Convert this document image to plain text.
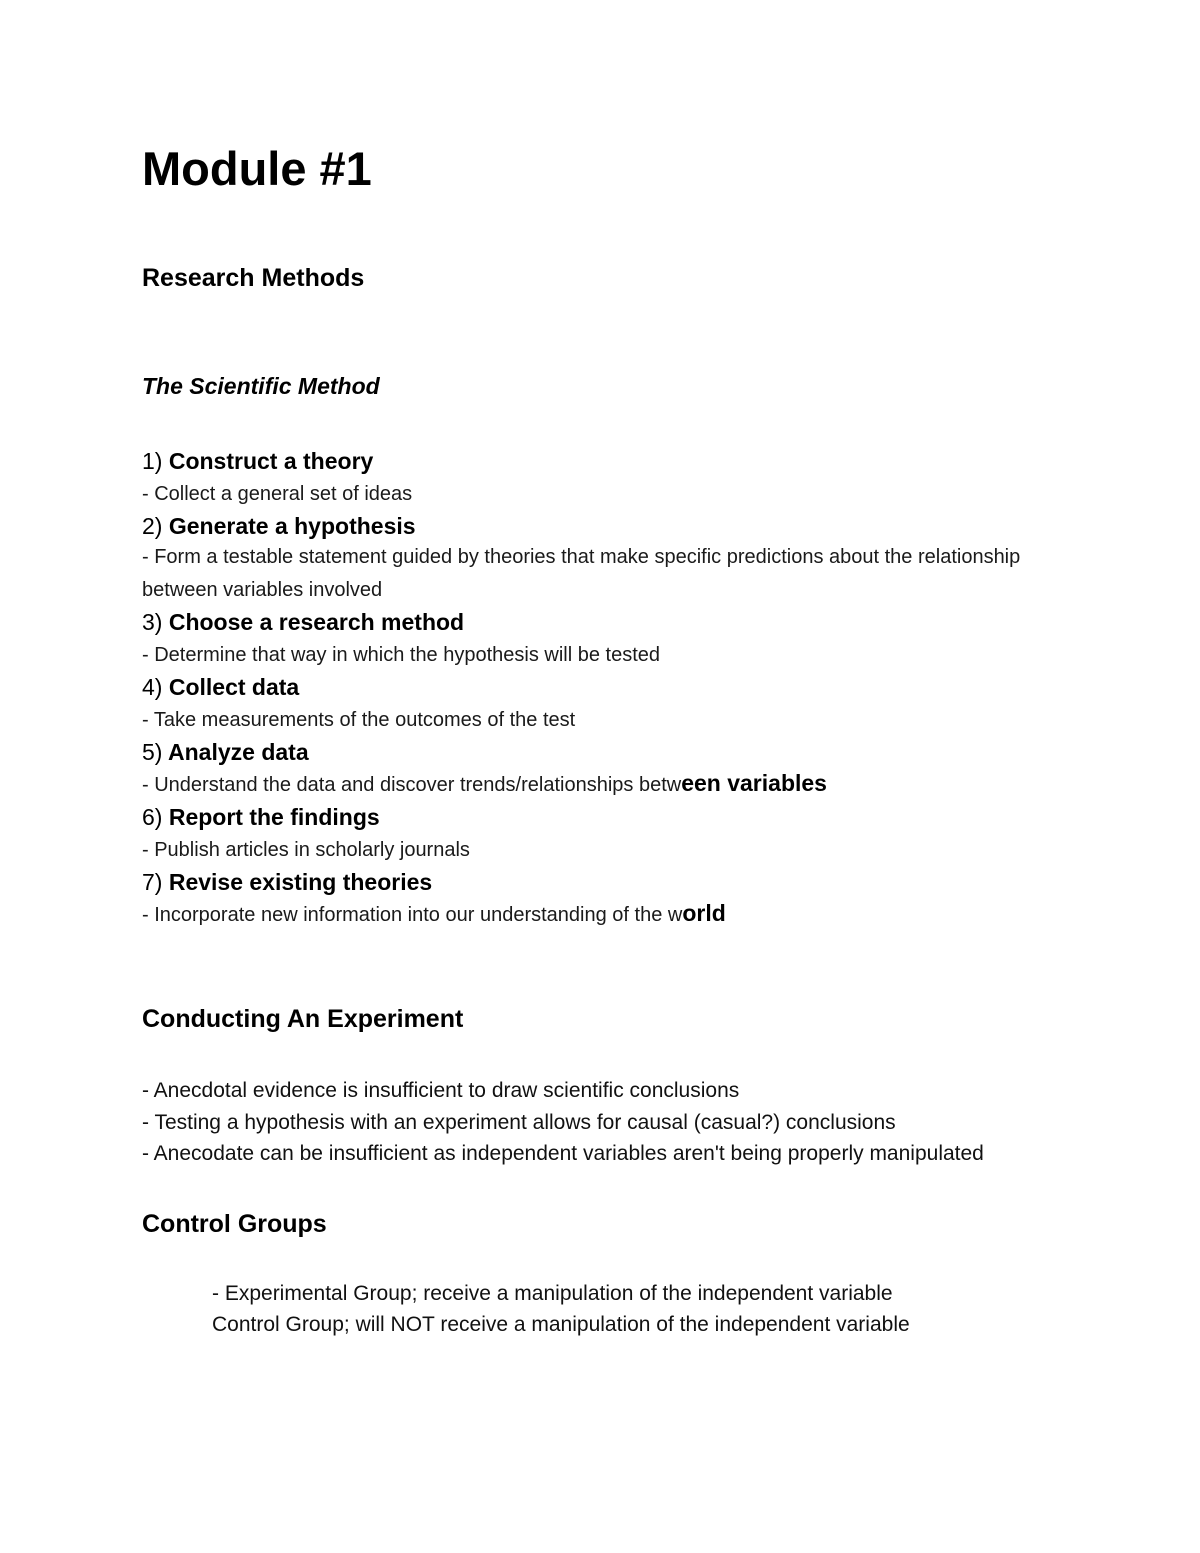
Module #1
Research Methods
The Scientific Method

1) Construct a theory

- Collect a general set of ideas

2) Generate a hypothesis

- Form a testable statement guided by theories that make specific predictions about the relationship between variables involved

3) Choose a research method

- Determine that way in which the hypothesis will be tested

4) Collect data

- Take measurements of the outcomes of the test

5) Analyze data

- Understand the data and discover trends/relationships between variables

6) Report the findings

- Publish articles in scholarly journals

7) Revise existing theories

- Incorporate new information into our understanding of the world

Conducting An Experiment

- Anecdotal evidence is insufficient to draw scientific conclusions

- Testing a hypothesis with an experiment allows for causal (casual?) conclusions

- Anecodate can be insufficient as independent variables aren't being properly manipulated

Control Groups

- Experimental Group; receive a manipulation of the independent variable

Control Group; will NOT receive a manipulation of the independent variable
